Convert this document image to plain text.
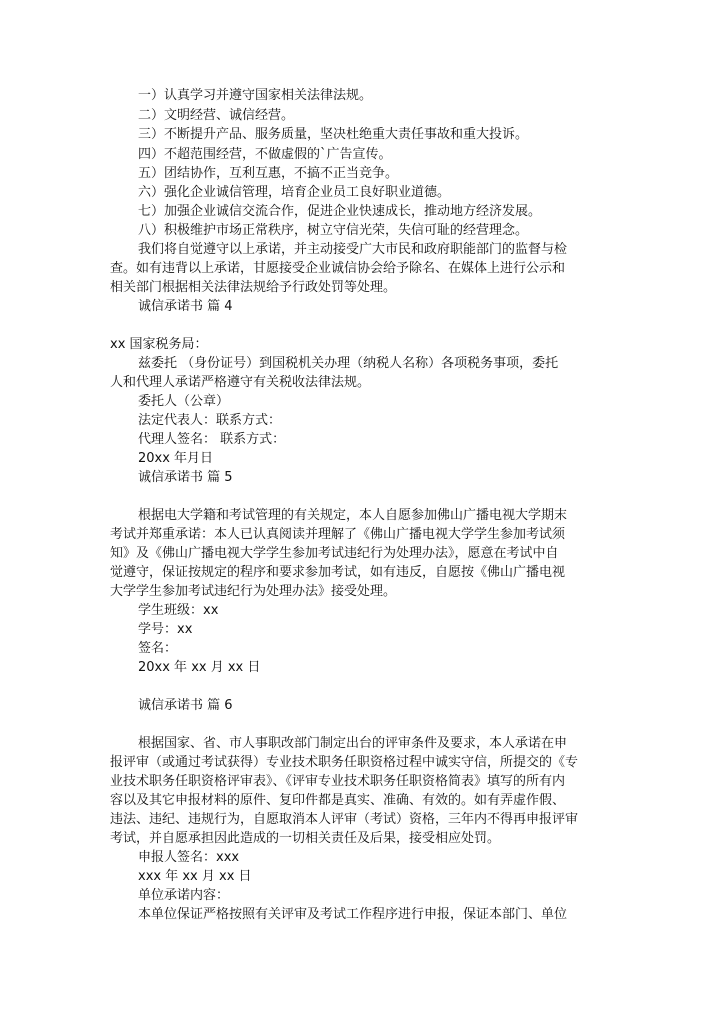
一）认真学习并遵守国家相关法律法规。
二）文明经营、诚信经营。
三）不断提升产品、服务质量，坚决杜绝重大责任事故和重大投诉。
四）不超范围经营，不做虚假的`广告宣传。
五）团结协作，互利互惠，不搞不正当竞争。
六）强化企业诚信管理，培育企业员工良好职业道德。
七）加强企业诚信交流合作，促进企业快速成长，推动地方经济发展。
八）积极维护市场正常秩序，树立守信光荣，失信可耻的经营理念。
我们将自觉遵守以上承诺，并主动接受广大市民和政府职能部门的监督与检
查。如有违背以上承诺，甘愿接受企业诚信协会给予除名、在媒体上进行公示和
相关部门根据相关法律法规给予行政处罚等处理。
诚信承诺书 篇 4
xx 国家税务局：
兹委托 （身份证号）到国税机关办理（纳税人名称）各项税务事项，委托
人和代理人承诺严格遵守有关税收法律法规。
委托人（公章）
法定代表人：联系方式：
代理人签名： 联系方式：
20xx 年月日
诚信承诺书 篇 5
根据电大学籍和考试管理的有关规定，本人自愿参加佛山广播电视大学期末
考试并郑重承诺：本人已认真阅读并理解了《佛山广播电视大学学生参加考试须
知》及《佛山广播电视大学学生参加考试违纪行为处理办法》，愿意在考试中自
觉遵守，保证按规定的程序和要求参加考试，如有违反，自愿按《佛山广播电视
大学学生参加考试违纪行为处理办法》接受处理。
学生班级：xx
学号：xx
签名：
20xx 年 xx 月 xx 日
诚信承诺书 篇 6
根据国家、省、市人事职改部门制定出台的评审条件及要求，本人承诺在申
报评审（或通过考试获得）专业技术职务任职资格过程中诚实守信，所提交的《专
业技术职务任职资格评审表》、《评审专业技术职务任职资格简表》填写的所有内
容以及其它申报材料的原件、复印件都是真实、准确、有效的。如有弄虚作假、
违法、违纪、违规行为，自愿取消本人评审（考试）资格，三年内不得再申报评审
考试，并自愿承担因此造成的一切相关责任及后果，接受相应处罚。
申报人签名：xxx
xxx 年 xx 月 xx 日
单位承诺内容：
本单位保证严格按照有关评审及考试工作程序进行申报，保证本部门、单位
